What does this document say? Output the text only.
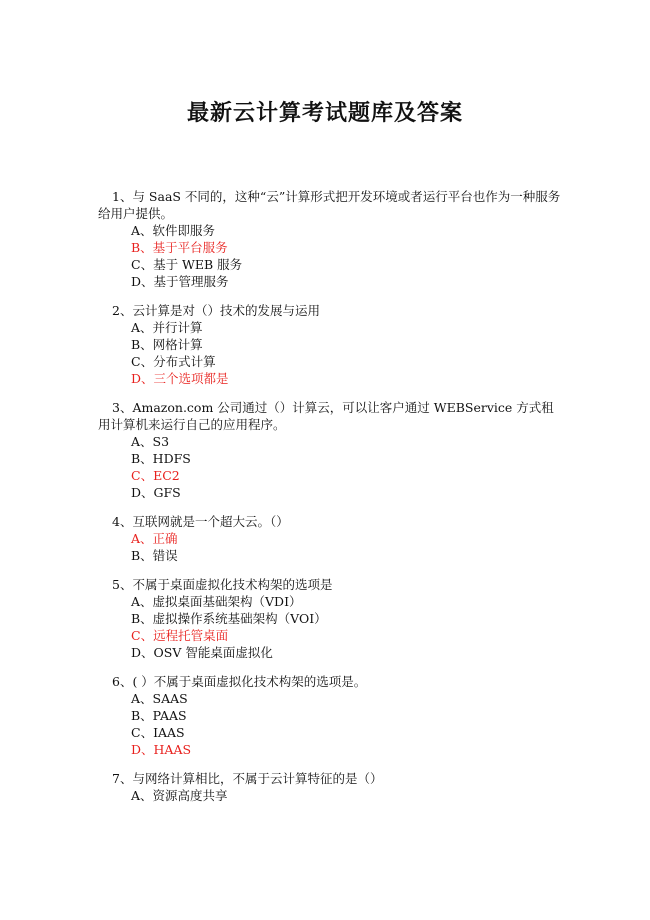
最新云计算考试题库及答案
1、与 SaaS 不同的，这种“云”计算形式把开发环境或者运行平台也作为一种服务给用户提供。
A、软件即服务
B、基于平台服务
C、基于 WEB 服务
D、基于管理服务
2、云计算是对（）技术的发展与运用
A、并行计算
B、网格计算
C、分布式计算
D、三个选项都是
3、Amazon.com 公司通过（）计算云，可以让客户通过 WEBService 方式租用计算机来运行自己的应用程序。
A、S3
B、HDFS
C、EC2
D、GFS
4、互联网就是一个超大云。（）
A、正确
B、错误
5、不属于桌面虚拟化技术构架的选项是
A、虚拟桌面基础架构（VDI）
B、虚拟操作系统基础架构（VOI）
C、远程托管桌面
D、OSV 智能桌面虚拟化
6、( ）不属于桌面虚拟化技术构架的选项是。
A、SAAS
B、PAAS
C、IAAS
D、HAAS
7、与网络计算相比，不属于云计算特征的是（）
A、资源高度共享
